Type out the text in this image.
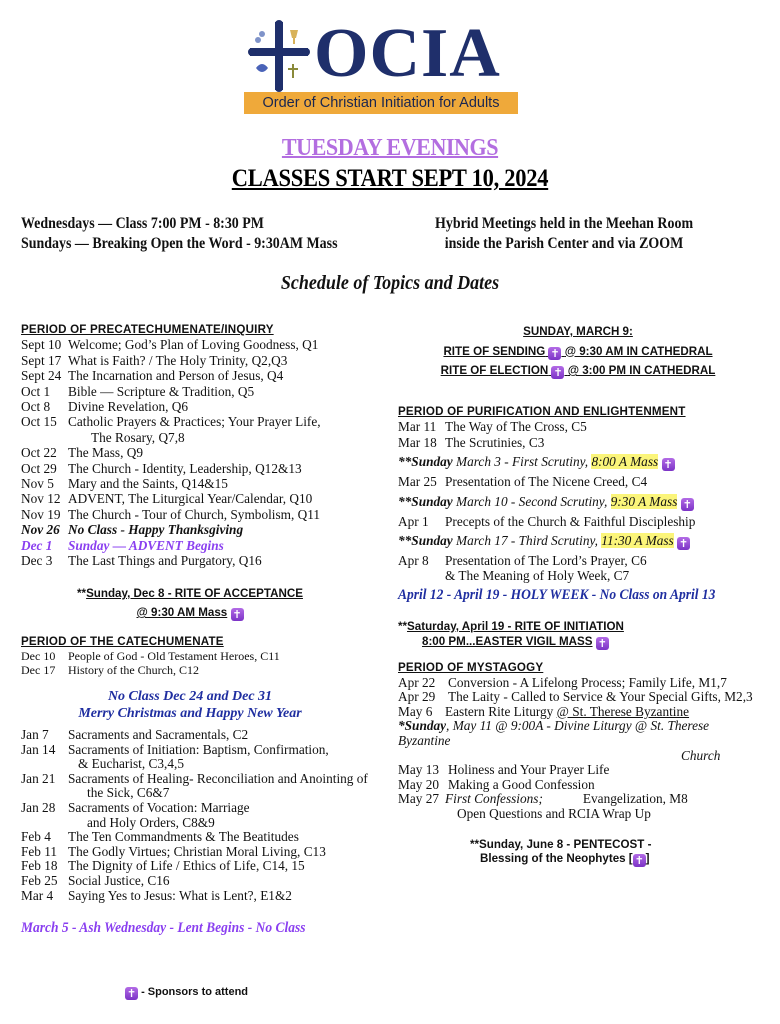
OCIA
Order of Christian Initiation for Adults
TUESDAY EVENINGS
CLASSES START SEPT 10, 2024
Wednesdays — Class 7:00 PM - 8:30 PM
Sundays — Breaking Open the Word - 9:30AM Mass
Hybrid Meetings held in the Meehan Room
inside the Parish Center and via ZOOM
Schedule of Topics and Dates
PERIOD OF PRECATECHUMENATE/INQUIRY
Sept 10 Welcome; God’s Plan of Loving Goodness, Q1
Sept 17 What is Faith? / The Holy Trinity, Q2,Q3
Sept 24 The Incarnation and Person of Jesus, Q4
Oct 1	Bible — Scripture & Tradition, Q5
Oct 8	Divine Revelation, Q6
Oct 15 Catholic Prayers & Practices; Your Prayer Life,
The Rosary, Q7,8
Oct 22 The Mass, Q9
Oct 29 The Church - Identity, Leadership, Q12&13
Nov 5	Mary and the Saints, Q14&15
Nov 12 ADVENT, The Liturgical Year/Calendar, Q10
Nov 19 The Church - Tour of Church, Symbolism, Q11
Nov 26 No Class - Happy Thanksgiving
Dec 1	Sunday — ADVENT Begins
Dec 3	The Last Things and Purgatory, Q16
**Sunday, Dec 8 - RITE OF ACCEPTANCE
@ 9:30 AM Mass ✝
PERIOD OF THE CATECHUMENATE
Dec 10	People of God - Old Testament Heroes, C11
Dec 17	History of the Church, C12
No Class Dec 24 and Dec 31
Merry Christmas and Happy New Year
Jan 7	Sacraments and Sacramentals, C2
Jan 14 Sacraments of Initiation: Baptism, Confirmation,
& Eucharist, C3,4,5
Jan 21 Sacraments of Healing- Reconciliation and Anointing of
the Sick, C6&7
Jan 28 Sacraments of Vocation: Marriage
and Holy Orders, C8&9
Feb 4	The Ten Commandments & The Beatitudes
Feb 11 The Godly Virtues; Christian Moral Living, C13
Feb 18 The Dignity of Life / Ethics of Life, C14, 15
Feb 25 Social Justice, C16
Mar 4	Saying Yes to Jesus: What is Lent?, E1&2
March 5 - Ash Wednesday - Lent Begins - No Class
✝ - Sponsors to attend
SUNDAY, MARCH 9:
RITE OF SENDING ✝ @ 9:30 AM IN CATHEDRAL
RITE OF ELECTION ✝ @ 3:00 PM IN CATHEDRAL
PERIOD OF PURIFICATION AND ENLIGHTENMENT
Mar 11 The Way of The Cross, C5
Mar 18 The Scrutinies, C3
**Sunday March 3 - First Scrutiny, 8:00 A Mass ✝
Mar 25 Presentation of The Nicene Creed, C4
**Sunday March 10 - Second Scrutiny, 9:30 A Mass ✝
Apr 1	Precepts of the Church & Faithful Discipleship
**Sunday March 17 - Third Scrutiny, 11:30 A Mass ✝
Apr 8	Presentation of The Lord’s Prayer, C6
& The Meaning of Holy Week, C7
April 12 - April 19 - HOLY WEEK - No Class on April 13
**Saturday, April 19 - RITE OF INITIATION
8:00 PM...EASTER VIGIL MASS ✝
PERIOD OF MYSTAGOGY
Apr 22 Conversion - A Lifelong Process; Family Life, M1,7
Apr 29 The Laity - Called to Service & Your Special Gifts, M2,3
May 6 Eastern Rite Liturgy @ St. Therese Byzantine
*Sunday, May 11 @ 9:00A - Divine Liturgy @ St. Therese
Byzantine
Church
May 13 Holiness and Your Prayer Life
May 20 Making a Good Confession
May 27 First Confessions;	Evangelization, M8
Open Questions and RCIA Wrap Up
**Sunday, June 8 - PENTECOST -
Blessing of the Neophytes [ ✝ ]
